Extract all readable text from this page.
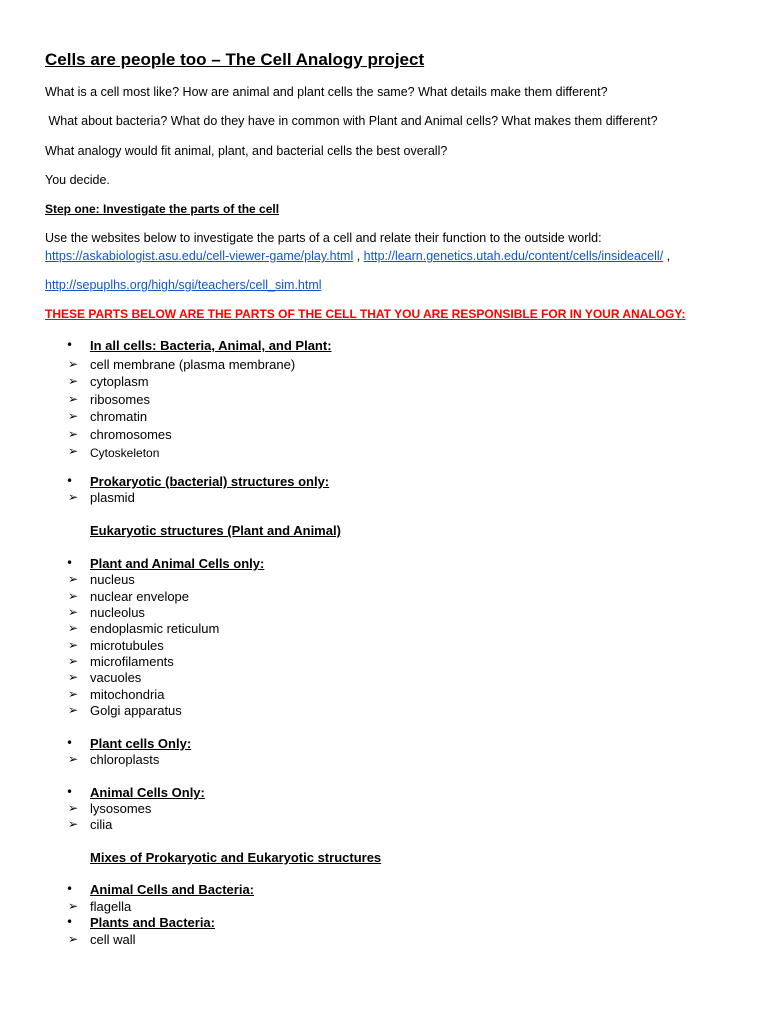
Cells are people too – The Cell Analogy project
What is a cell most like? How are animal and plant cells the same? What details make them different?
What about bacteria? What do they have in common with Plant and Animal cells? What makes them different?
What analogy would fit animal, plant, and bacterial cells the best overall?
You decide.
Step one: Investigate the parts of the cell
Use the websites below to investigate the parts of a cell and relate their function to the outside world:
https://askabiologist.asu.edu/cell-viewer-game/play.html , http://learn.genetics.utah.edu/content/cells/insideacell/ ,
http://sepuplhs.org/high/sgi/teachers/cell_sim.html
THESE PARTS BELOW ARE THE PARTS OF THE CELL THAT YOU ARE RESPONSIBLE FOR IN YOUR ANALOGY:
• In all cells: Bacteria, Animal, and Plant:
➢ cell membrane (plasma membrane)
➢ cytoplasm
➢ ribosomes
➢ chromatin
➢ chromosomes
➢ Cytoskeleton
• Prokaryotic (bacterial) structures only:
➢ plasmid
Eukaryotic structures (Plant and Animal)
• Plant and Animal Cells only:
➢ nucleus
➢ nuclear envelope
➢ nucleolus
➢ endoplasmic reticulum
➢ microtubules
➢ microfilaments
➢ vacuoles
➢ mitochondria
➢ Golgi apparatus
• Plant cells Only:
➢ chloroplasts
• Animal Cells Only:
➢ lysosomes
➢ cilia
Mixes of Prokaryotic and Eukaryotic structures
• Animal Cells and Bacteria:
➢ flagella
• Plants and Bacteria:
➢ cell wall
